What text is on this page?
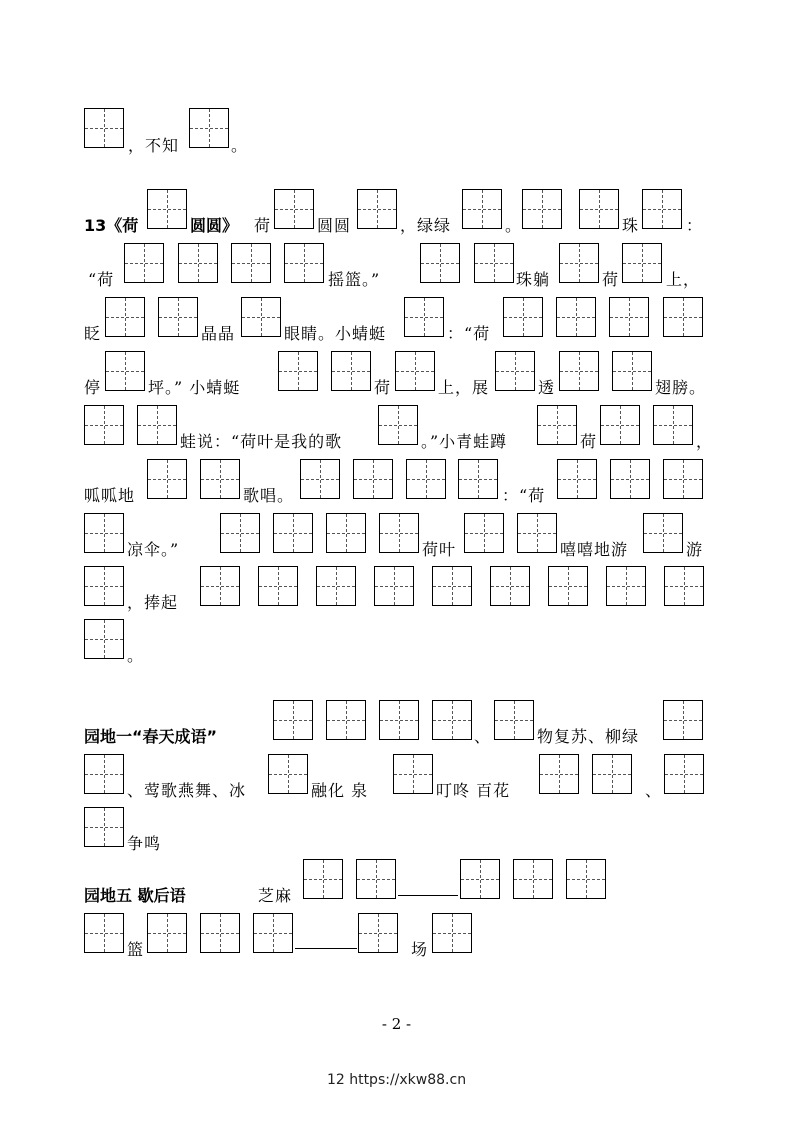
，不知	。
13《荷	圆圆》 荷	圆圆	，绿绿	。	珠	：
“荷	摇篮。”	珠躺	荷	上，
眨	晶晶	眼睛。小蜻蜓	：“荷
停	坪。” 小蜻蜓	荷	上，展	透	翅膀。
蛙说：“荷叶是我的歌	。”小青蛙蹲	荷	，
呱呱地	歌唱。	：“荷
凉伞。”	荷叶	嘻嘻地游	游
，捧起
。
园地一“春天成语”	、	物复苏、柳绿
、莺歌燕舞、冰	融化 泉	叮咚 百花	、
争鸣
园地五 歇后语	芝麻
篮	场
- 2 -
12 https://xkw88.cn
